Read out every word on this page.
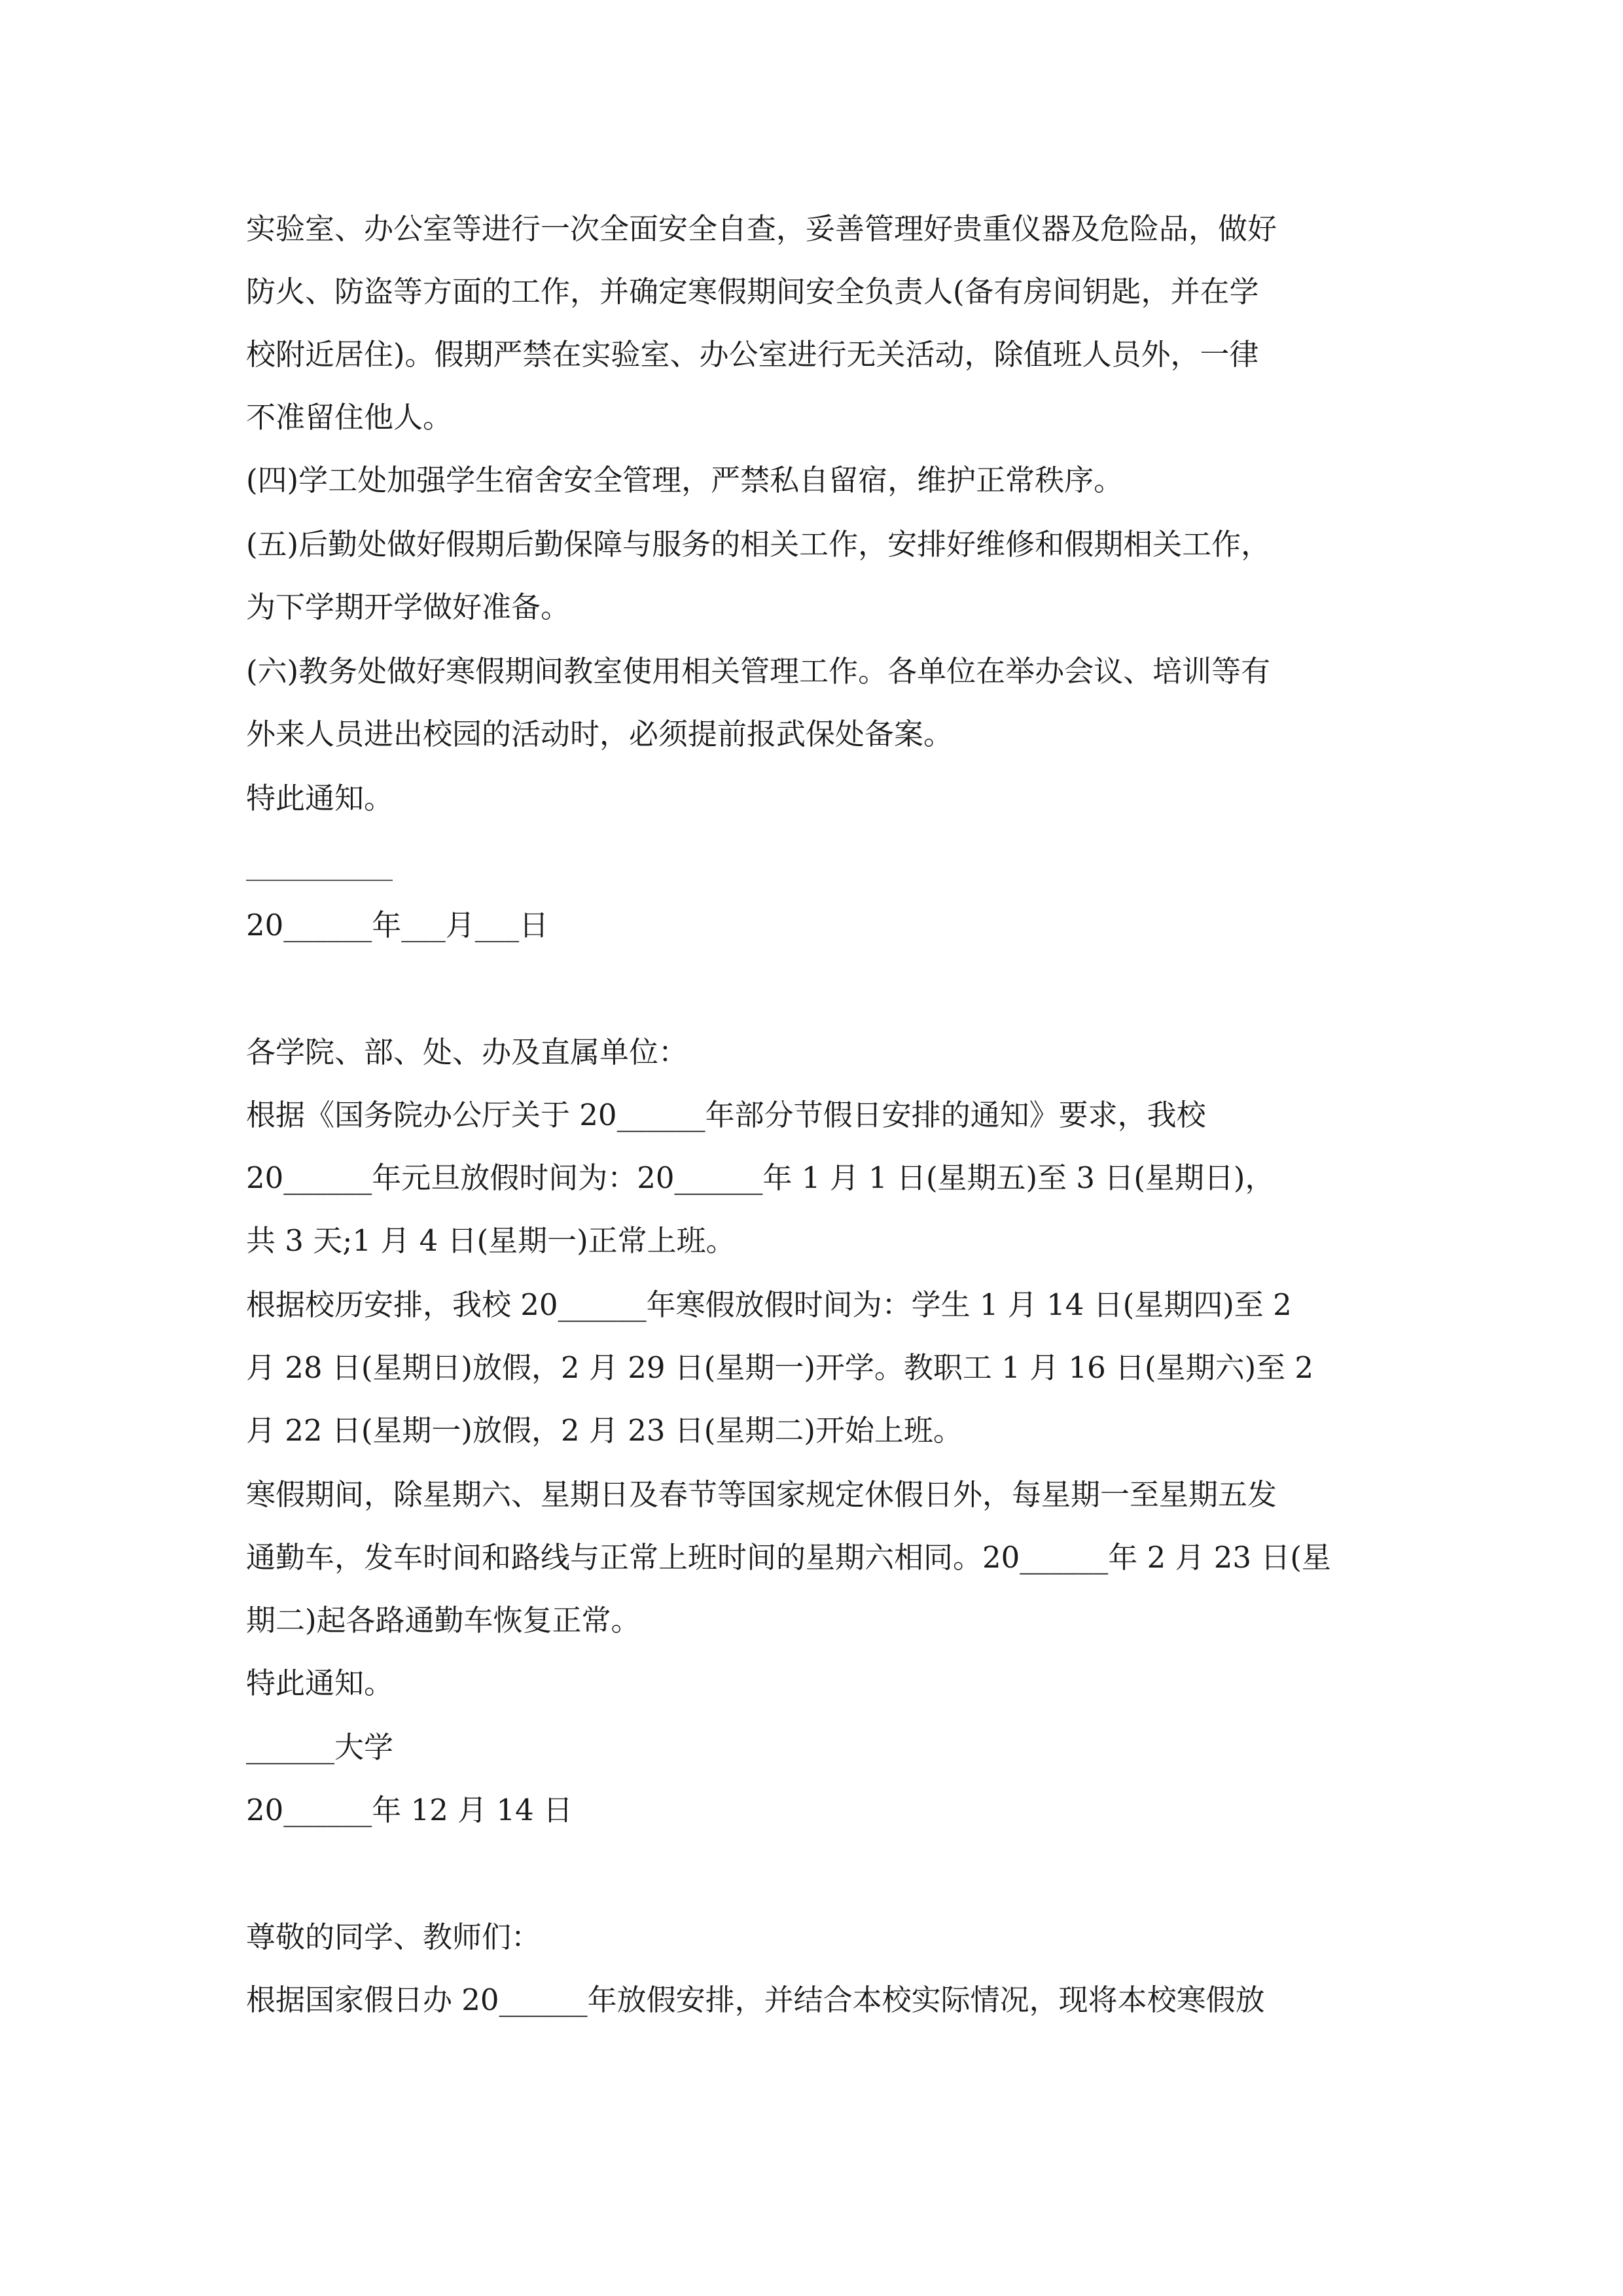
实验室、办公室等进行一次全面安全自查，妥善管理好贵重仪器及危险品，做好
防火、防盗等方面的工作，并确定寒假期间安全负责人(备有房间钥匙，并在学
校附近居住)。假期严禁在实验室、办公室进行无关活动，除值班人员外，一律
不准留住他人。
(四)学工处加强学生宿舍安全管理，严禁私自留宿，维护正常秩序。
(五)后勤处做好假期后勤保障与服务的相关工作，安排好维修和假期相关工作，
为下学期开学做好准备。
(六)教务处做好寒假期间教室使用相关管理工作。各单位在举办会议、培训等有
外来人员进出校园的活动时，必须提前报武保处备案。
特此通知。
20______年___月___日
各学院、部、处、办及直属单位：
根据《国务院办公厅关于 20______年部分节假日安排的通知》要求，我校
20______年元旦放假时间为：20______年 1 月 1 日(星期五)至 3 日(星期日)，
共 3 天;1 月 4 日(星期一)正常上班。
根据校历安排，我校 20______年寒假放假时间为：学生 1 月 14 日(星期四)至 2
月 28 日(星期日)放假，2 月 29 日(星期一)开学。教职工 1 月 16 日(星期六)至 2
月 22 日(星期一)放假，2 月 23 日(星期二)开始上班。
寒假期间，除星期六、星期日及春节等国家规定休假日外，每星期一至星期五发
通勤车，发车时间和路线与正常上班时间的星期六相同。20______年 2 月 23 日(星
期二)起各路通勤车恢复正常。
特此通知。
______大学
20______年 12 月 14 日
尊敬的同学、教师们：
根据国家假日办 20______年放假安排，并结合本校实际情况，现将本校寒假放
